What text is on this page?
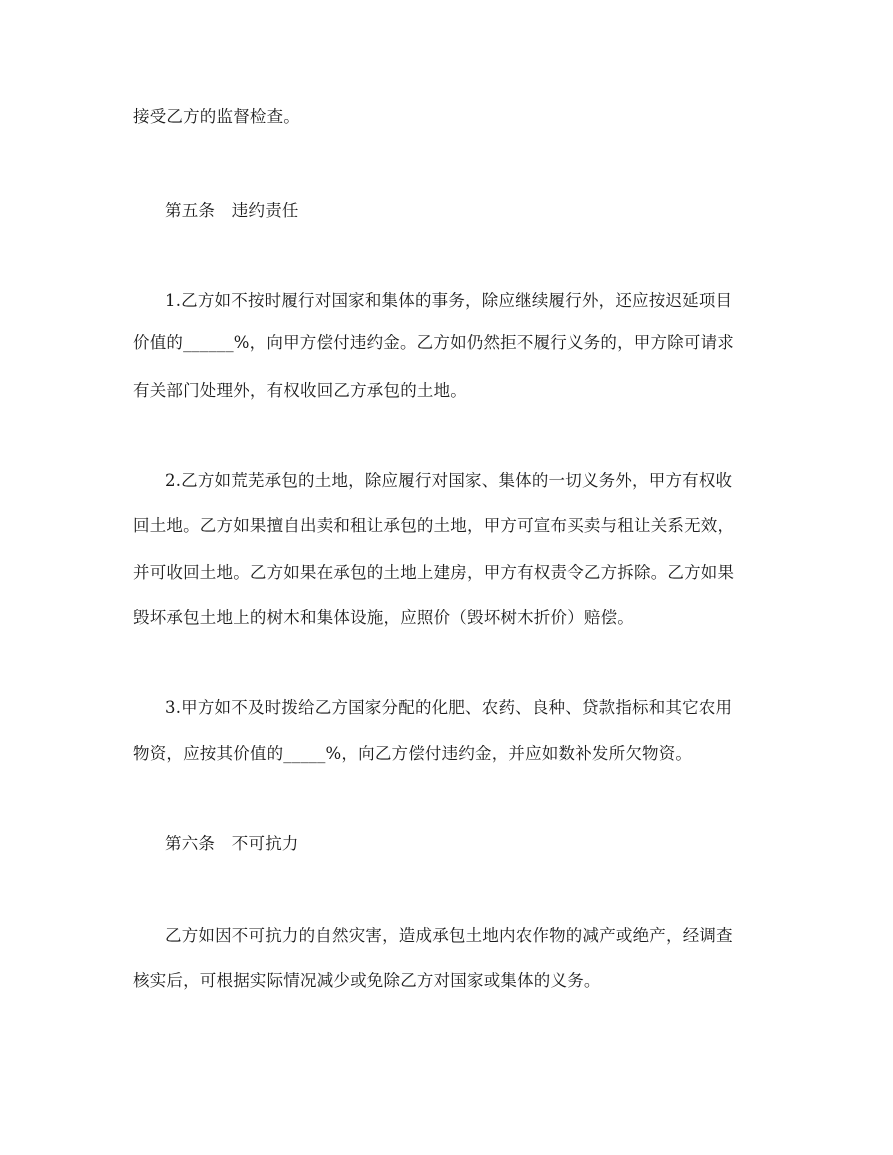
接受乙方的监督检查。
第五条　违约责任
1.乙方如不按时履行对国家和集体的事务，除应继续履行外，还应按迟延项目
价值的______%，向甲方偿付违约金。乙方如仍然拒不履行义务的，甲方除可请求
有关部门处理外，有权收回乙方承包的土地。
2.乙方如荒芜承包的土地，除应履行对国家、集体的一切义务外，甲方有权收
回土地。乙方如果擅自出卖和租让承包的土地，甲方可宣布买卖与租让关系无效，
并可收回土地。乙方如果在承包的土地上建房，甲方有权责令乙方拆除。乙方如果
毁坏承包土地上的树木和集体设施，应照价（毁坏树木折价）赔偿。
3.甲方如不及时拨给乙方国家分配的化肥、农药、良种、贷款指标和其它农用
物资，应按其价值的_____%，向乙方偿付违约金，并应如数补发所欠物资。
第六条　不可抗力
乙方如因不可抗力的自然灾害，造成承包土地内农作物的减产或绝产，经调查
核实后，可根据实际情况减少或免除乙方对国家或集体的义务。
